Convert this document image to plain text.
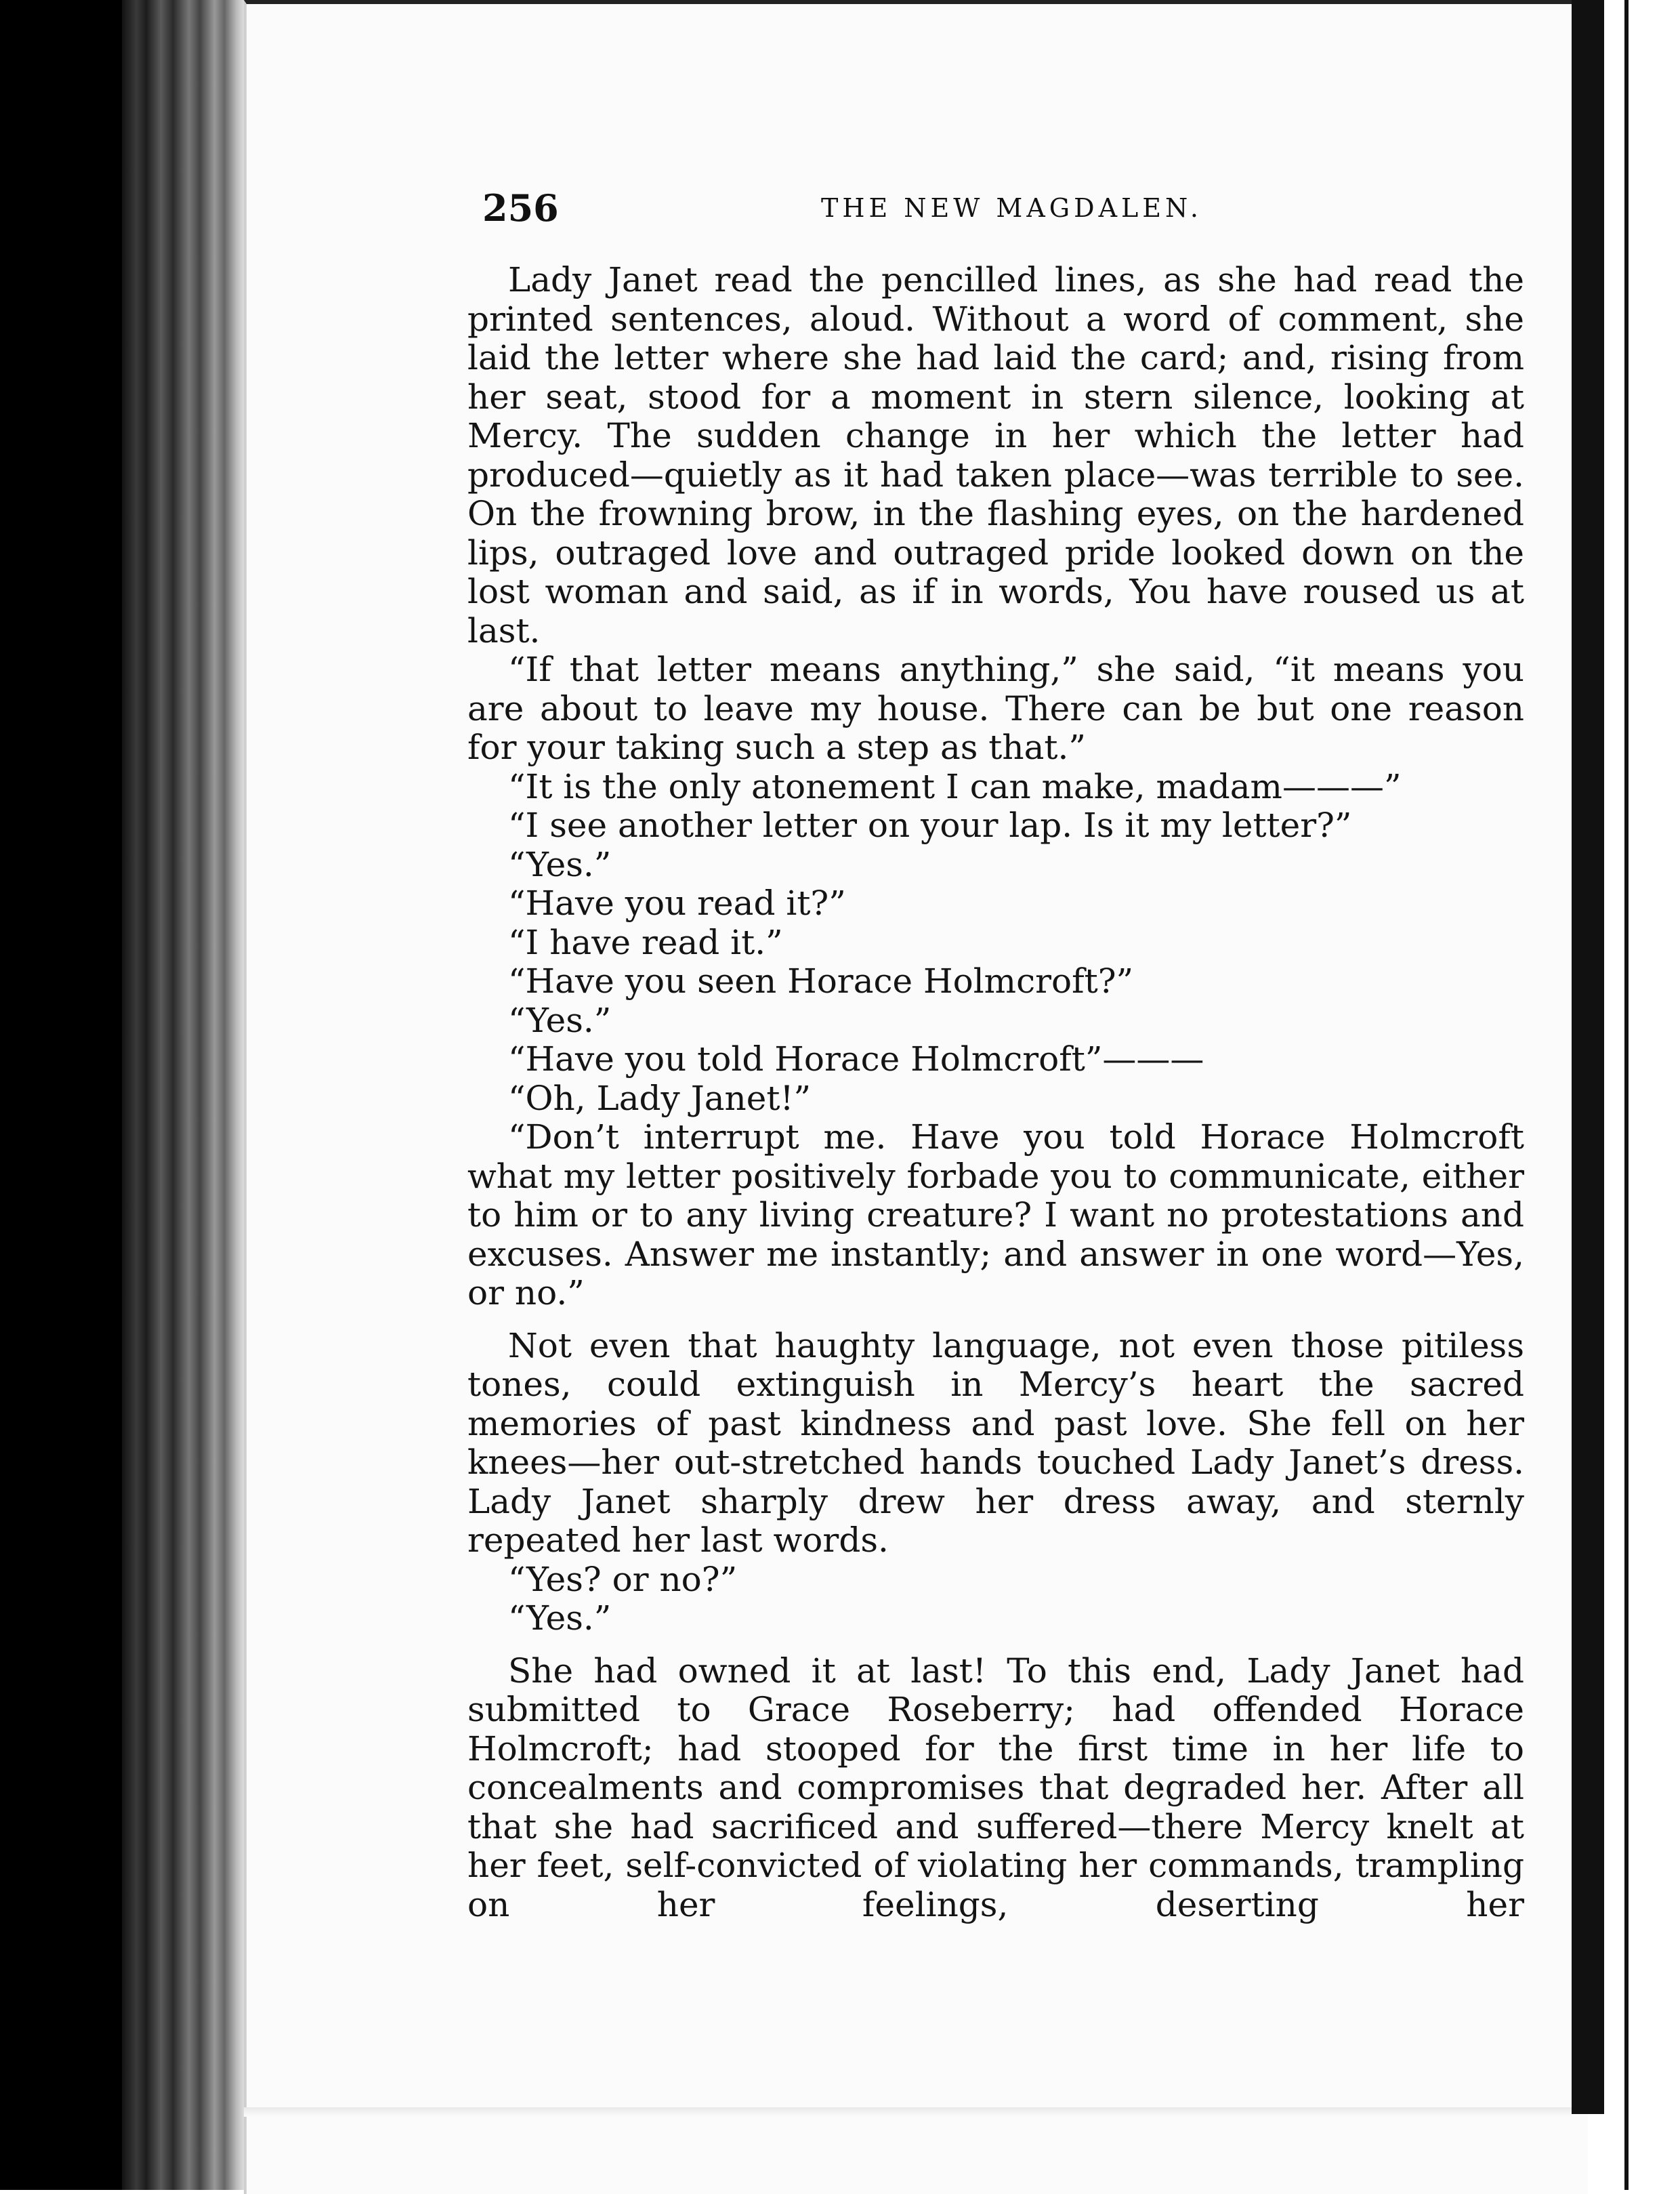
256	THE NEW MAGDALEN.

Lady Janet read the pencilled lines, as she had read the printed sentences, aloud. Without a word of comment, she laid the letter where she had laid the card; and, rising from her seat, stood for a moment in stern silence, looking at Mercy. The sudden change in her which the letter had produced—quietly as it had taken place—was terrible to see. On the frowning brow, in the flashing eyes, on the hardened lips, outraged love and outraged pride looked down on the lost woman and said, as if in words, You have roused us at last.

“If that letter means anything,” she said, “it means you are about to leave my house. There can be but one reason for your taking such a step as that.”

“It is the only atonement I can make, madam———”

“I see another letter on your lap. Is it my letter?”

“Yes.”

“Have you read it?”

“I have read it.”

“Have you seen Horace Holmcroft?”

“Yes.”

“Have you told Horace Holmcroft”———

“Oh, Lady Janet!”

“Don’t interrupt me. Have you told Horace Holmcroft what my letter positively forbade you to communicate, either to him or to any living creature? I want no protestations and excuses. Answer me instantly; and answer in one word—Yes, or no.”

Not even that haughty language, not even those pitiless tones, could extinguish in Mercy’s heart the sacred memories of past kindness and past love. She fell on her knees—her out-stretched hands touched Lady Janet’s dress. Lady Janet sharply drew her dress away, and sternly repeated her last words.

“Yes? or no?”

“Yes.”

She had owned it at last! To this end, Lady Janet had submitted to Grace Roseberry; had offended Horace Holmcroft; had stooped for the first time in her life to concealments and compromises that degraded her. After all that she had sacrificed and suffered—there Mercy knelt at her feet, self-convicted of violating her commands, trampling on her feelings, deserting her
